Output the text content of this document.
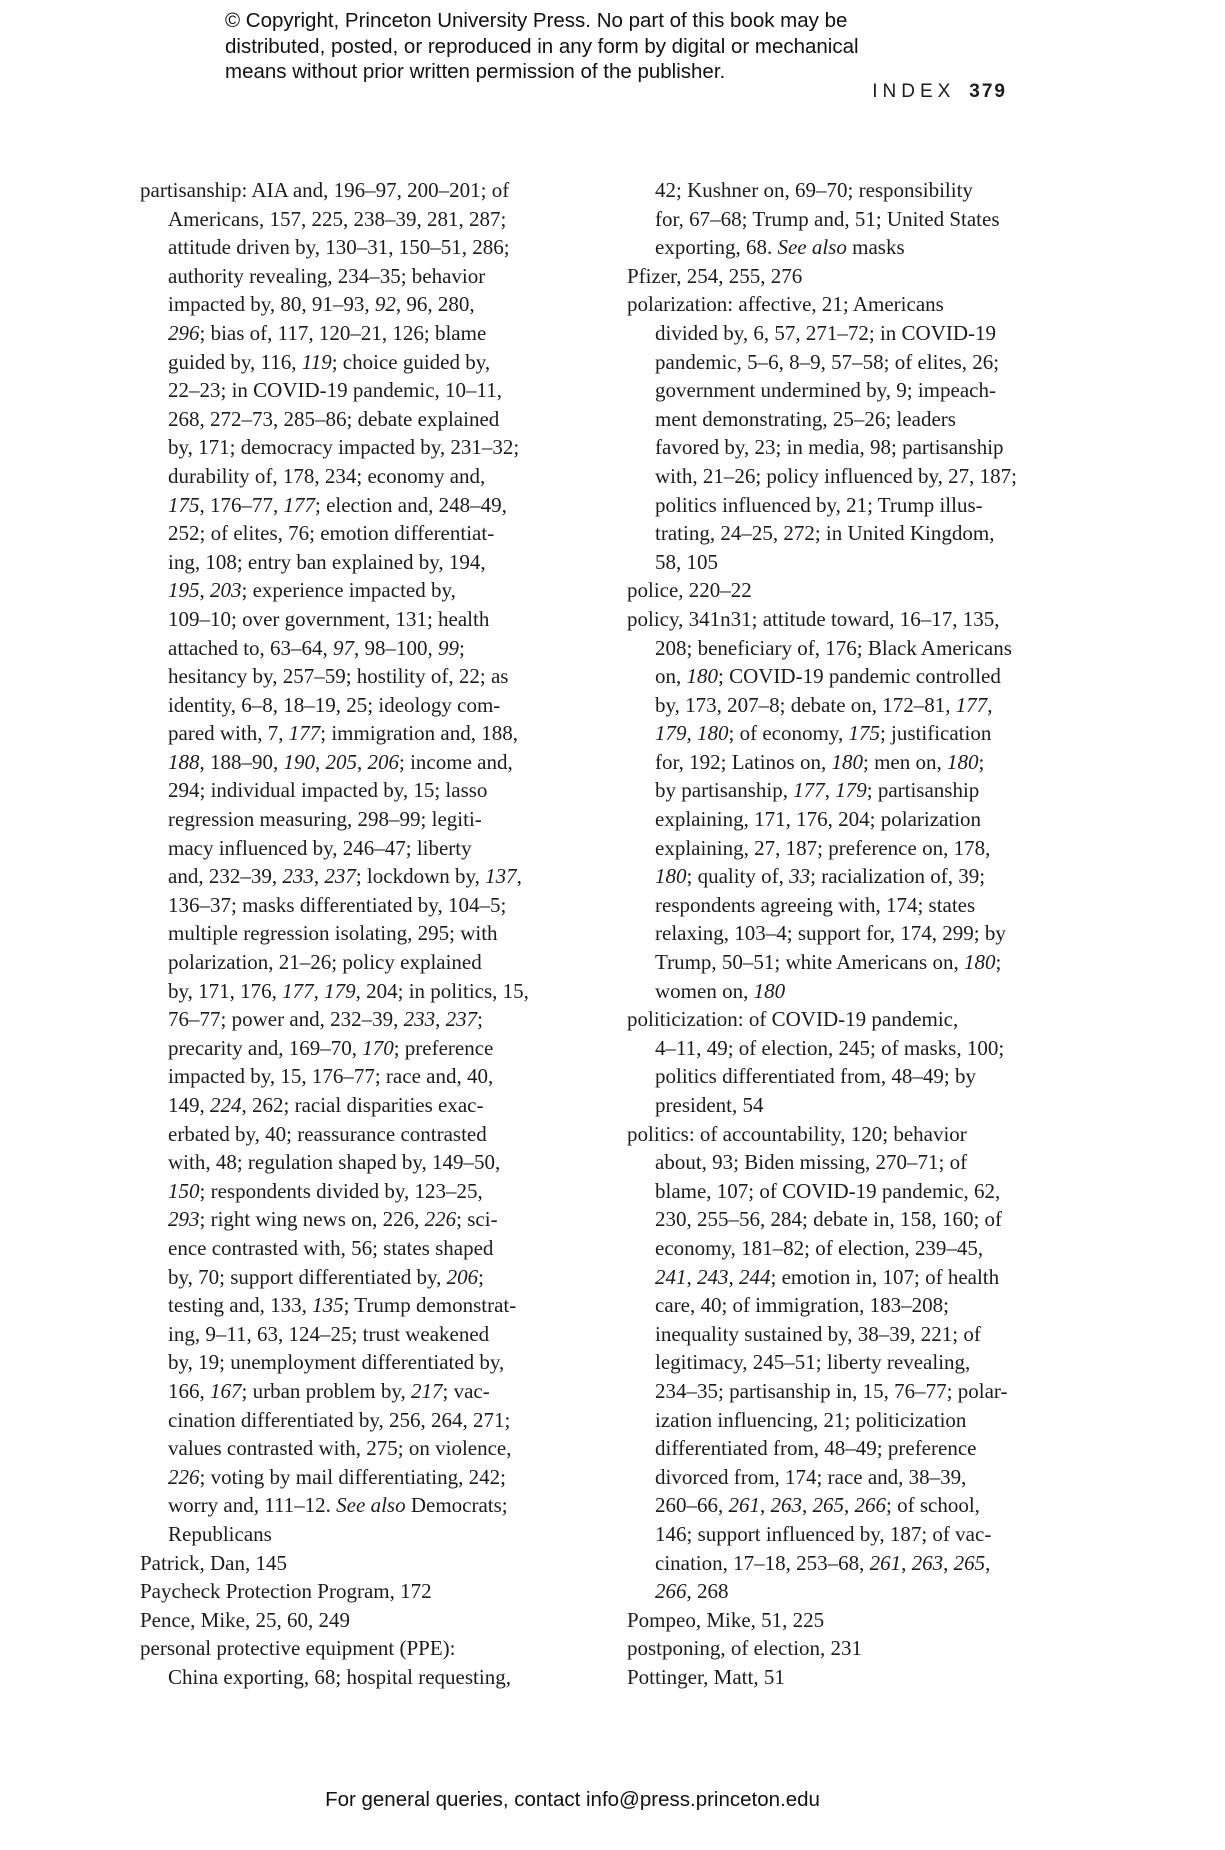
© Copyright, Princeton University Press. No part of this book may be
distributed, posted, or reproduced in any form by digital or mechanical
means without prior written permission of the publisher.
INDEX 379
partisanship: AIA and, 196–97, 200–201; of
Americans, 157, 225, 238–39, 281, 287;
attitude driven by, 130–31, 150–51, 286;
authority revealing, 234–35; behavior
impacted by, 80, 91–93, 92, 96, 280,
296; bias of, 117, 120–21, 126; blame
guided by, 116, 119; choice guided by,
22–23; in COVID-19 pandemic, 10–11,
268, 272–73, 285–86; debate explained
by, 171; democracy impacted by, 231–32;
durability of, 178, 234; economy and,
175, 176–77, 177; election and, 248–49,
252; of elites, 76; emotion differentiat-
ing, 108; entry ban explained by, 194,
195, 203; experience impacted by,
109–10; over government, 131; health
attached to, 63–64, 97, 98–100, 99;
hesitancy by, 257–59; hostility of, 22; as
identity, 6–8, 18–19, 25; ideology com-
pared with, 7, 177; immigration and, 188,
188, 188–90, 190, 205, 206; income and,
294; individual impacted by, 15; lasso
regression measuring, 298–99; legiti-
macy influenced by, 246–47; liberty
and, 232–39, 233, 237; lockdown by, 137,
136–37; masks differentiated by, 104–5;
multiple regression isolating, 295; with
polarization, 21–26; policy explained
by, 171, 176, 177, 179, 204; in politics, 15,
76–77; power and, 232–39, 233, 237;
precarity and, 169–70, 170; preference
impacted by, 15, 176–77; race and, 40,
149, 224, 262; racial disparities exac-
erbated by, 40; reassurance contrasted
with, 48; regulation shaped by, 149–50,
150; respondents divided by, 123–25,
293; right wing news on, 226, 226; sci-
ence contrasted with, 56; states shaped
by, 70; support differentiated by, 206;
testing and, 133, 135; Trump demonstrat-
ing, 9–11, 63, 124–25; trust weakened
by, 19; unemployment differentiated by,
166, 167; urban problem by, 217; vac-
cination differentiated by, 256, 264, 271;
values contrasted with, 275; on violence,
226; voting by mail differentiating, 242;
worry and, 111–12. See also Democrats;
Republicans
Patrick, Dan, 145
Paycheck Protection Program, 172
Pence, Mike, 25, 60, 249
personal protective equipment (PPE):
China exporting, 68; hospital requesting,
42; Kushner on, 69–70; responsibility
for, 67–68; Trump and, 51; United States
exporting, 68. See also masks
Pfizer, 254, 255, 276
polarization: affective, 21; Americans
divided by, 6, 57, 271–72; in COVID-19
pandemic, 5–6, 8–9, 57–58; of elites, 26;
government undermined by, 9; impeach-
ment demonstrating, 25–26; leaders
favored by, 23; in media, 98; partisanship
with, 21–26; policy influenced by, 27, 187;
politics influenced by, 21; Trump illus-
trating, 24–25, 272; in United Kingdom,
58, 105
police, 220–22
policy, 341n31; attitude toward, 16–17, 135,
208; beneficiary of, 176; Black Americans
on, 180; COVID-19 pandemic controlled
by, 173, 207–8; debate on, 172–81, 177,
179, 180; of economy, 175; justification
for, 192; Latinos on, 180; men on, 180;
by partisanship, 177, 179; partisanship
explaining, 171, 176, 204; polarization
explaining, 27, 187; preference on, 178,
180; quality of, 33; racialization of, 39;
respondents agreeing with, 174; states
relaxing, 103–4; support for, 174, 299; by
Trump, 50–51; white Americans on, 180;
women on, 180
politicization: of COVID-19 pandemic,
4–11, 49; of election, 245; of masks, 100;
politics differentiated from, 48–49; by
president, 54
politics: of accountability, 120; behavior
about, 93; Biden missing, 270–71; of
blame, 107; of COVID-19 pandemic, 62,
230, 255–56, 284; debate in, 158, 160; of
economy, 181–82; of election, 239–45,
241, 243, 244; emotion in, 107; of health
care, 40; of immigration, 183–208;
inequality sustained by, 38–39, 221; of
legitimacy, 245–51; liberty revealing,
234–35; partisanship in, 15, 76–77; polar-
ization influencing, 21; politicization
differentiated from, 48–49; preference
divorced from, 174; race and, 38–39,
260–66, 261, 263, 265, 266; of school,
146; support influenced by, 187; of vac-
cination, 17–18, 253–68, 261, 263, 265,
266, 268
Pompeo, Mike, 51, 225
postponing, of election, 231
Pottinger, Matt, 51
For general queries, contact info@press.princeton.edu
